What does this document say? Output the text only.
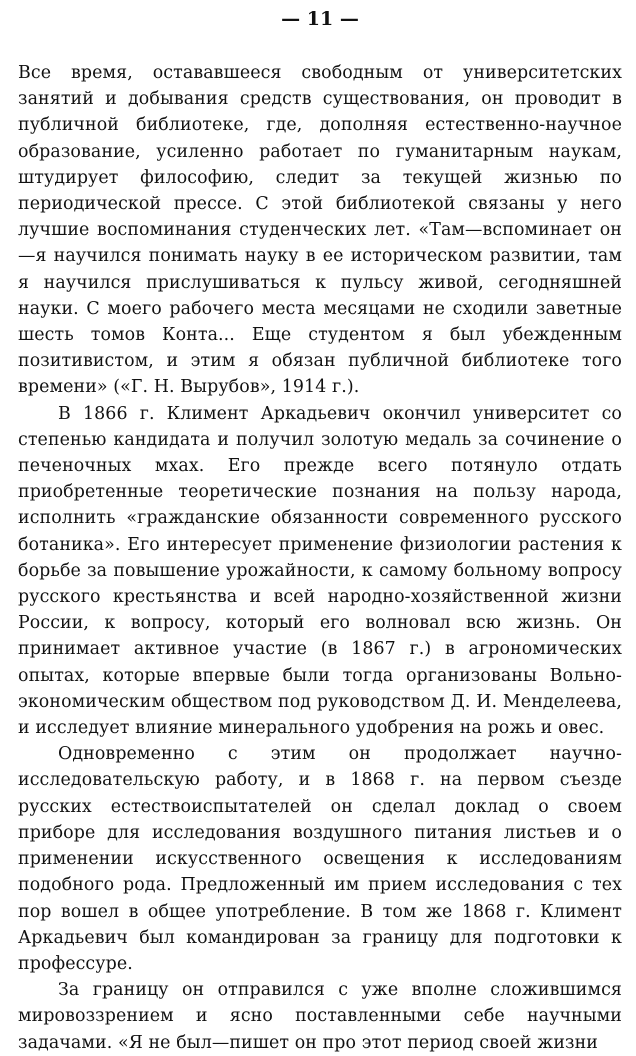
— 11 —

Все время, остававшееся свободным от университетских занятий и добывания средств существования, он проводит в публичной библиотеке, где, дополняя естественно-научное образование, усиленно работает по гуманитарным наукам, штудирует философию, следит за текущей жизнью по периодической прессе. С этой библиотекой связаны у него лучшие воспоминания студенческих лет. «Там—вспоминает он—я научился понимать науку в ее историческом развитии, там я научился прислушиваться к пульсу живой, сегодняшней науки. С моего рабочего места месяцами не сходили заветные шесть томов Конта... Еще студентом я был убежденным позитивистом, и этим я обязан публичной библиотеке того времени» («Г. Н. Вырубов», 1914 г.).

В 1866 г. Климент Аркадьевич окончил университет со степенью кандидата и получил золотую медаль за сочинение о печеночных мхах. Его прежде всего потянуло отдать приобретенные теоретические познания на пользу народа, исполнить «гражданские обязанности современного русского ботаника». Его интересует применение физиологии растения к борьбе за повышение урожайности, к самому больному вопросу русского крестьянства и всей народно-хозяйственной жизни России, к вопросу, который его волновал всю жизнь. Он принимает активное участие (в 1867 г.) в агрономических опытах, которые впервые были тогда организованы Вольно-экономическим обществом под руководством Д. И. Менделеева, и исследует влияние минерального удобрения на рожь и овес.

Одновременно с этим он продолжает научно-исследовательскую работу, и в 1868 г. на первом съезде русских естествоиспытателей он сделал доклад о своем приборе для исследования воздушного питания листьев и о применении искусственного освещения к исследованиям подобного рода. Предложенный им прием исследования с тех пор вошел в общее употребление. В том же 1868 г. Климент Аркадьевич был командирован за границу для подготовки к профессуре.

За границу он отправился с уже вполне сложившимся мировоззрением и ясно поставленными себе научными задачами. «Я не был—пишет он про этот период своей жизни
